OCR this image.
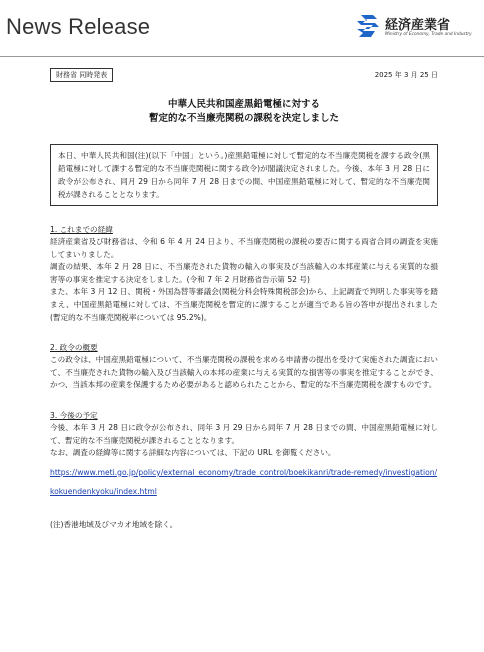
News Release	経済産業省
Ministry of Economy, Trade and Industry
財務省 同時発表	2025 年 3 月 25 日
中華人民共和国産黒鉛電極に対する
暫定的な不当廉売関税の課税を決定しました
本日、中華人民共和国(注)(以下「中国」という。)産黒鉛電極に対して暫定的な不当廉売関税を課する政令(黒鉛電極に対して課する暫定的な不当廉売関税に関する政令)が閣議決定されました。今後、本年 3 月 28 日に政令が公布され、同月 29 日から同年 7 月 28 日までの間、中国産黒鉛電極に対して、暫定的な不当廉売関税が課されることとなります。
1. これまでの経緯
経済産業省及び財務省は、令和 6 年 4 月 24 日より、不当廉売関税の課税の要否に関する両省合同の調査を実施してまいりました。
調査の結果、本年 2 月 28 日に、不当廉売された貨物の輸入の事実及び当該輸入の本邦産業に与える実質的な損害等の事実を推定する決定をしました。(令和 7 年 2 月財務省告示第 52 号)
また、本年 3 月 12 日、関税・外国為替等審議会(関税分科会特殊関税部会)から、上記調査で判明した事実等を踏まえ、中国産黒鉛電極に対しては、不当廉売関税を暫定的に課することが適当である旨の答申が提出されました(暫定的な不当廉売関税率については 95.2%)。
2. 政令の概要
この政令は、中国産黒鉛電極について、不当廉売関税の課税を求める申請書の提出を受けて実施された調査において、不当廉売された貨物の輸入及び当該輸入の本邦の産業に与える実質的な損害等の事実を推定することができ、かつ、当該本邦の産業を保護するため必要があると認められたことから、暫定的な不当廉売関税を課すものです。
3. 今後の予定
今後、本年 3 月 28 日に政令が公布され、同年 3 月 29 日から同年 7 月 28 日までの間、中国産黒鉛電極に対して、暫定的な不当廉売関税が課されることとなります。
なお、調査の経緯等に関する詳細な内容については、下記の URL を御覧ください。
https://www.meti.go.jp/policy/external_economy/trade_control/boekikanri/trade-remedy/investigation/kokuendenkyoku/index.html
(注)香港地域及びマカオ地域を除く。
